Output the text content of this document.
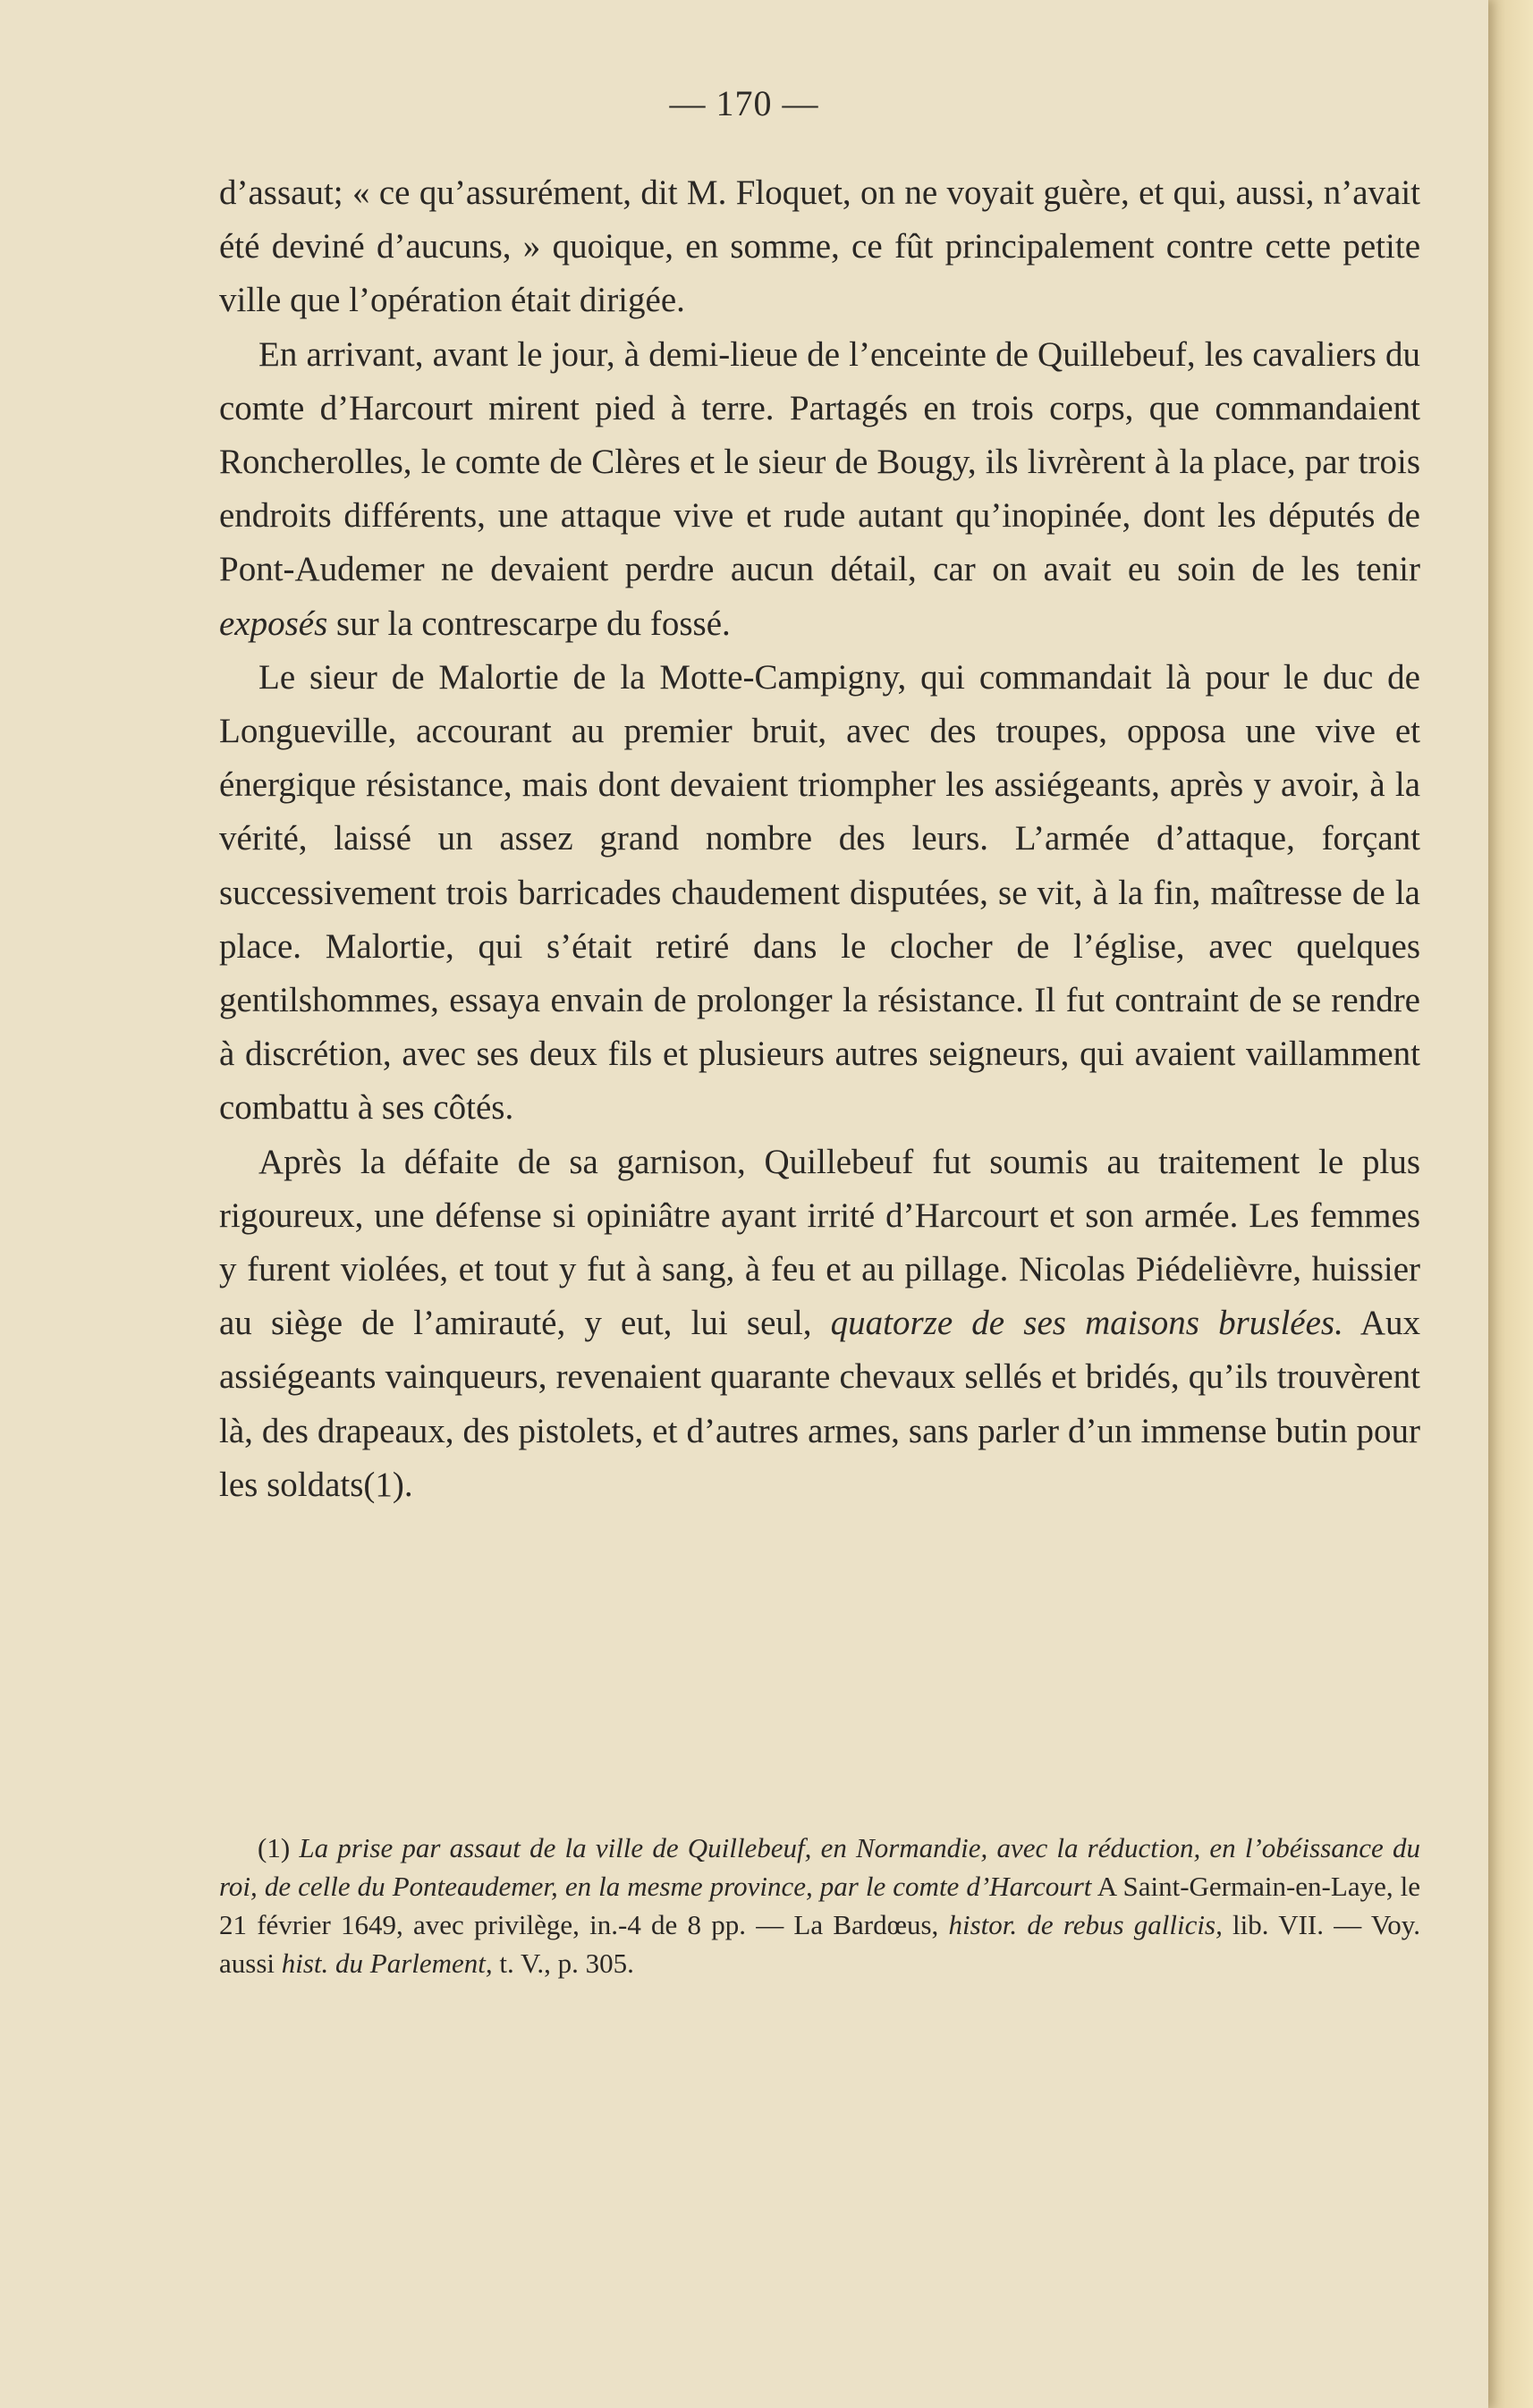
— 170 —

d’assaut; « ce qu’assurément, dit M. Floquet, on ne voyait guère, et qui, aussi, n’avait été deviné d’aucuns, » quoique, en somme, ce fût principalement contre cette petite ville que l’opération était dirigée.

En arrivant, avant le jour, à demi-lieue de l’enceinte de Quillebeuf, les cavaliers du comte d’Harcourt mirent pied à terre. Partagés en trois corps, que commandaient Roncherolles, le comte de Clères et le sieur de Bougy, ils livrèrent à la place, par trois endroits différents, une attaque vive et rude autant qu’inopinée, dont les députés de Pont-Audemer ne devaient perdre aucun détail, car on avait eu soin de les tenir exposés sur la contrescarpe du fossé.

Le sieur de Malortie de la Motte-Campigny, qui commandait là pour le duc de Longueville, accourant au premier bruit, avec des troupes, opposa une vive et énergique résistance, mais dont devaient triompher les assiégeants, après y avoir, à la vérité, laissé un assez grand nombre des leurs. L’armée d’attaque, forçant successivement trois barricades chaudement disputées, se vit, à la fin, maîtresse de la place. Malortie, qui s’était retiré dans le clocher de l’église, avec quelques gentilshommes, essaya envain de prolonger la résistance. Il fut contraint de se rendre à discrétion, avec ses deux fils et plusieurs autres seigneurs, qui avaient vaillamment combattu à ses côtés.

Après la défaite de sa garnison, Quillebeuf fut soumis au traitement le plus rigoureux, une défense si opiniâtre ayant irrité d’Harcourt et son armée. Les femmes y furent violées, et tout y fut à sang, à feu et au pillage. Nicolas Piédelièvre, huissier au siège de l’amirauté, y eut, lui seul, quatorze de ses maisons bruslées. Aux assiégeants vainqueurs, revenaient quarante chevaux sellés et bridés, qu’ils trouvèrent là, des drapeaux, des pistolets, et d’autres armes, sans parler d’un immense butin pour les soldats(1).

(1) La prise par assaut de la ville de Quillebeuf, en Normandie, avec la réduction, en l’obéissance du roi, de celle du Ponteaudemer, en la mesme province, par le comte d’Harcourt A Saint-Germain-en-Laye, le 21 février 1649, avec privilège, in.-4 de 8 pp. — La Bardœus, histor. de rebus gallicis, lib. VII. — Voy. aussi hist. du Parlement, t. V., p. 305.
